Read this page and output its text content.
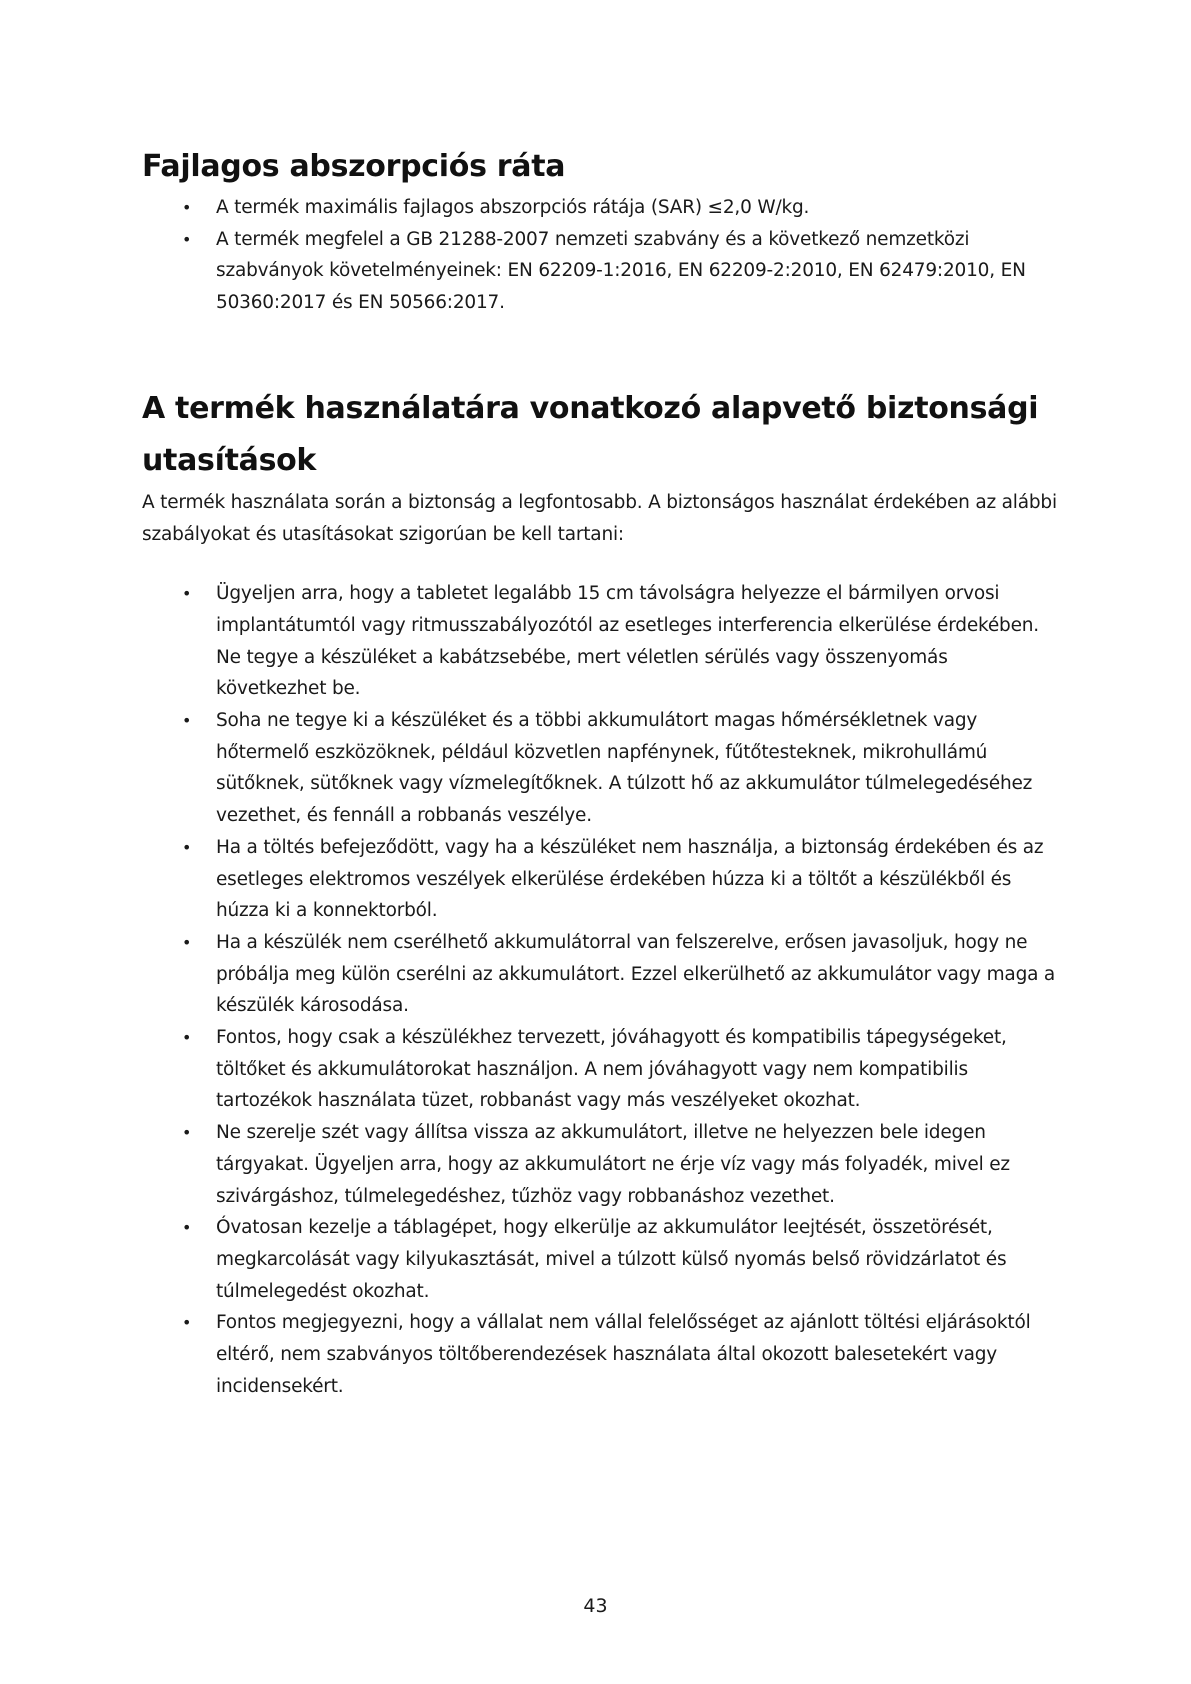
Fajlagos abszorpciós ráta
• A termék maximális fajlagos abszorpciós rátája (SAR) ≤2,0 W/kg.
• A termék megfelel a GB 21288-2007 nemzeti szabvány és a következő nemzetközi szabványok követelményeinek: EN 62209-1:2016, EN 62209-2:2010, EN 62479:2010, EN 50360:2017 és EN 50566:2017.
A termék használatára vonatkozó alapvető biztonsági utasítások

A termék használata során a biztonság a legfontosabb. A biztonságos használat érdekében az alábbi szabályokat és utasításokat szigorúan be kell tartani:

• Ügyeljen arra, hogy a tabletet legalább 15 cm távolságra helyezze el bármilyen orvosi implantátumtól vagy ritmusszabályozótól az esetleges interferencia elkerülése érdekében. Ne tegye a készüléket a kabátzsebébe, mert véletlen sérülés vagy összenyomás következhet be.
• Soha ne tegye ki a készüléket és a többi akkumulátort magas hőmérsékletnek vagy hőtermelő eszközöknek, például közvetlen napfénynek, fűtőtesteknek, mikrohullámú sütőknek, sütőknek vagy vízmelegítőknek. A túlzott hő az akkumulátor túlmelegedéséhez vezethet, és fennáll a robbanás veszélye.
• Ha a töltés befejeződött, vagy ha a készüléket nem használja, a biztonság érdekében és az esetleges elektromos veszélyek elkerülése érdekében húzza ki a töltőt a készülékből és húzza ki a konnektorból.
• Ha a készülék nem cserélhető akkumulátorral van felszerelve, erősen javasoljuk, hogy ne próbálja meg külön cserélni az akkumulátort. Ezzel elkerülhető az akkumulátor vagy maga a készülék károsodása.
• Fontos, hogy csak a készülékhez tervezett, jóváhagyott és kompatibilis tápegységeket, töltőket és akkumulátorokat használjon. A nem jóváhagyott vagy nem kompatibilis tartozékok használata tüzet, robbanást vagy más veszélyeket okozhat.
• Ne szerelje szét vagy állítsa vissza az akkumulátort, illetve ne helyezzen bele idegen tárgyakat. Ügyeljen arra, hogy az akkumulátort ne érje víz vagy más folyadék, mivel ez szivárgáshoz, túlmelegedéshez, tűzhöz vagy robbanáshoz vezethet.
• Óvatosan kezelje a táblagépet, hogy elkerülje az akkumulátor leejtését, összetörését, megkarcolását vagy kilyukasztását, mivel a túlzott külső nyomás belső rövidzárlatot és túlmelegedést okozhat.
• Fontos megjegyezni, hogy a vállalat nem vállal felelősséget az ajánlott töltési eljárásoktól eltérő, nem szabványos töltőberendezések használata által okozott balesetekért vagy incidensekért.
43
